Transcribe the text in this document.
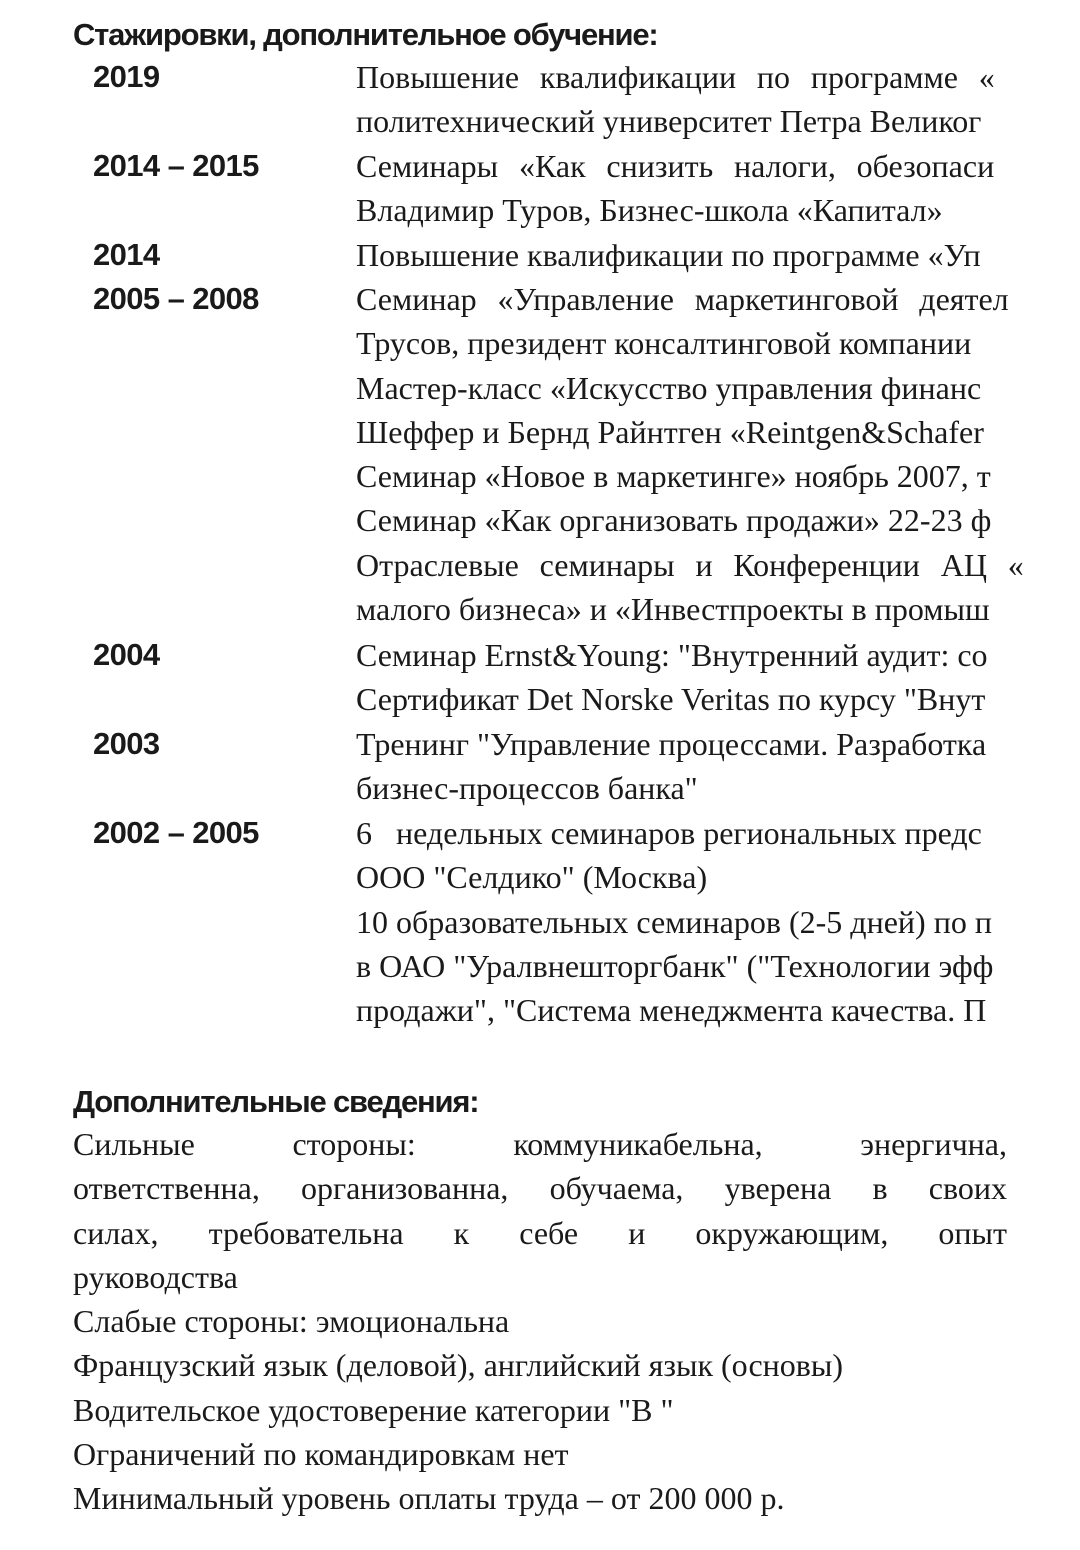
Стажировки, дополнительное обучение:
2019	Повышение квалификации по программе «
политехнический университет Петра Великог
2014 – 2015	Семинары «Как снизить налоги, обезопаси
Владимир Туров, Бизнес-школа «Капитал»
2014	Повышение квалификации по программе «Уп
2005 – 2008	Семинар «Управление маркетинговой деятел
Трусов, президент консалтинговой компании
Мастер-класс «Искусство управления финанс
Шеффер и Бернд Райнтген «Reintgen&Schafer
Семинар «Новое в маркетинге» ноябрь 2007, т
Семинар «Как организовать продажи» 22-23 ф
Отраслевые семинары и Конференции АЦ «
малого бизнеса» и «Инвестпроекты в промыш
2004	Семинар Ernst&Young: "Внутренний аудит: со
Сертификат Det Norske Veritas по курсу "Внут
2003	Тренинг "Управление процессами. Разработка
бизнес-процессов банка"
2002 – 2005	6   недельных семинаров региональных предс
ООО "Селдико" (Москва)
10 образовательных семинаров (2-5 дней) по п
в ОАО "Уралвнешторгбанк" ("Технологии эфф
продажи", "Система менеджмента качества. П
Дополнительные сведения:
Сильные стороны: коммуникабельна, энергична,
ответственна, организованна, обучаема, уверена в своих
силах, требовательна к себе и окружающим, опыт
руководства
Слабые стороны: эмоциональна
Французский язык (деловой), английский язык (основы)
Водительское удостоверение категории "В "
Ограничений по командировкам нет
Минимальный уровень оплаты труда – от 200 000 р.
